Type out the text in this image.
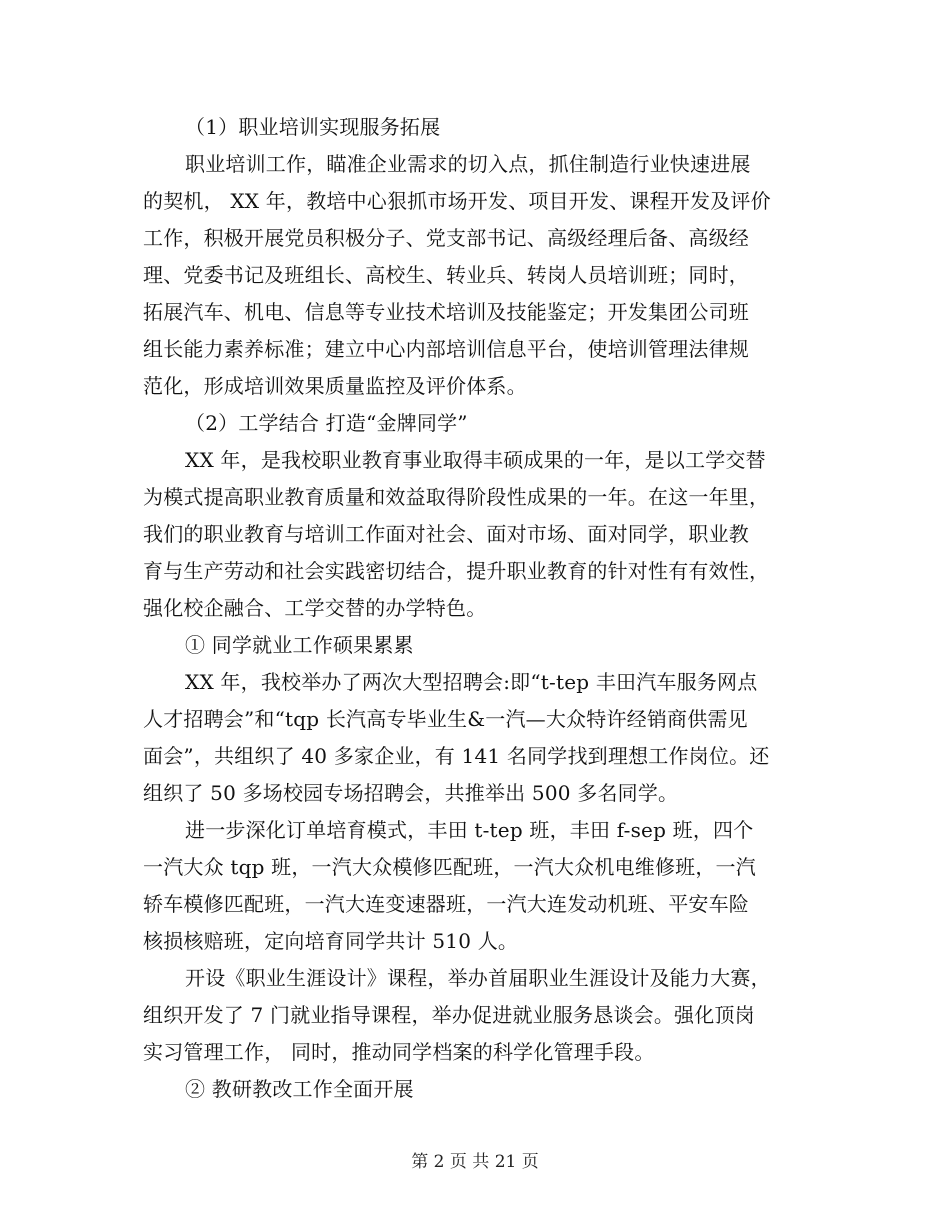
（1）职业培训实现服务拓展
职业培训工作，瞄准企业需求的切入点，抓住制造行业快速进展
的契机， XX 年，教培中心狠抓市场开发、项目开发、课程开发及评价
工作，积极开展党员积极分子、党支部书记、高级经理后备、高级经
理、党委书记及班组长、高校生、转业兵、转岗人员培训班；同时，
拓展汽车、机电、信息等专业技术培训及技能鉴定；开发集团公司班
组长能力素养标准；建立中心内部培训信息平台，使培训管理法律规
范化，形成培训效果质量监控及评价体系。
（2）工学结合 打造“金牌同学”
XX 年，是我校职业教育事业取得丰硕成果的一年，是以工学交替
为模式提高职业教育质量和效益取得阶段性成果的一年。在这一年里，
我们的职业教育与培训工作面对社会、面对市场、面对同学，职业教
育与生产劳动和社会实践密切结合，提升职业教育的针对性有有效性，
强化校企融合、工学交替的办学特色。
① 同学就业工作硕果累累
XX 年，我校举办了两次大型招聘会:即“t-tep 丰田汽车服务网点
人才招聘会”和“tqp 长汽高专毕业生&一汽—大众特许经销商供需见
面会”，共组织了 40 多家企业，有 141 名同学找到理想工作岗位。还
组织了 50 多场校园专场招聘会，共推举出 500 多名同学。
进一步深化订单培育模式，丰田 t-tep 班，丰田 f-sep 班，四个
一汽大众 tqp 班，一汽大众模修匹配班，一汽大众机电维修班，一汽
轿车模修匹配班，一汽大连变速器班，一汽大连发动机班、平安车险
核损核赔班，定向培育同学共计 510 人。
开设《职业生涯设计》课程，举办首届职业生涯设计及能力大赛，
组织开发了 7 门就业指导课程，举办促进就业服务恳谈会。强化顶岗
实习管理工作， 同时，推动同学档案的科学化管理手段。
② 教研教改工作全面开展
第 2 页 共 21 页
